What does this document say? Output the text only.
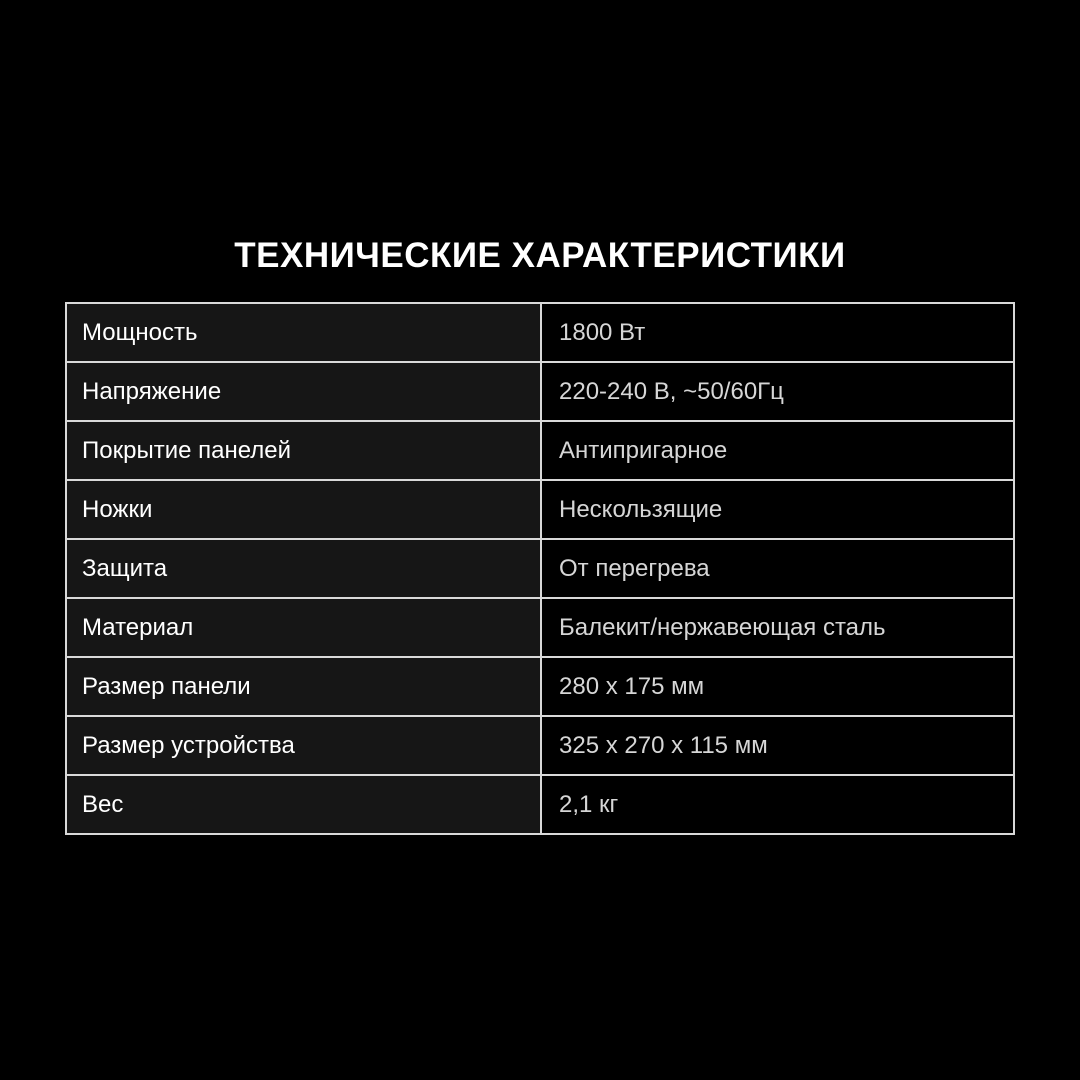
ТЕХНИЧЕСКИЕ ХАРАКТЕРИСТИКИ
Мощность	1800 Вт
Напряжение	220-240 В, ~50/60Гц
Покрытие панелей	Антипригарное
Ножки	Нескользящие
Защита	От перегрева
Материал	Балекит/нержавеющая сталь
Размер панели	280 x 175 мм
Размер устройства	325 x 270 x 115 мм
Вес	2,1 кг
